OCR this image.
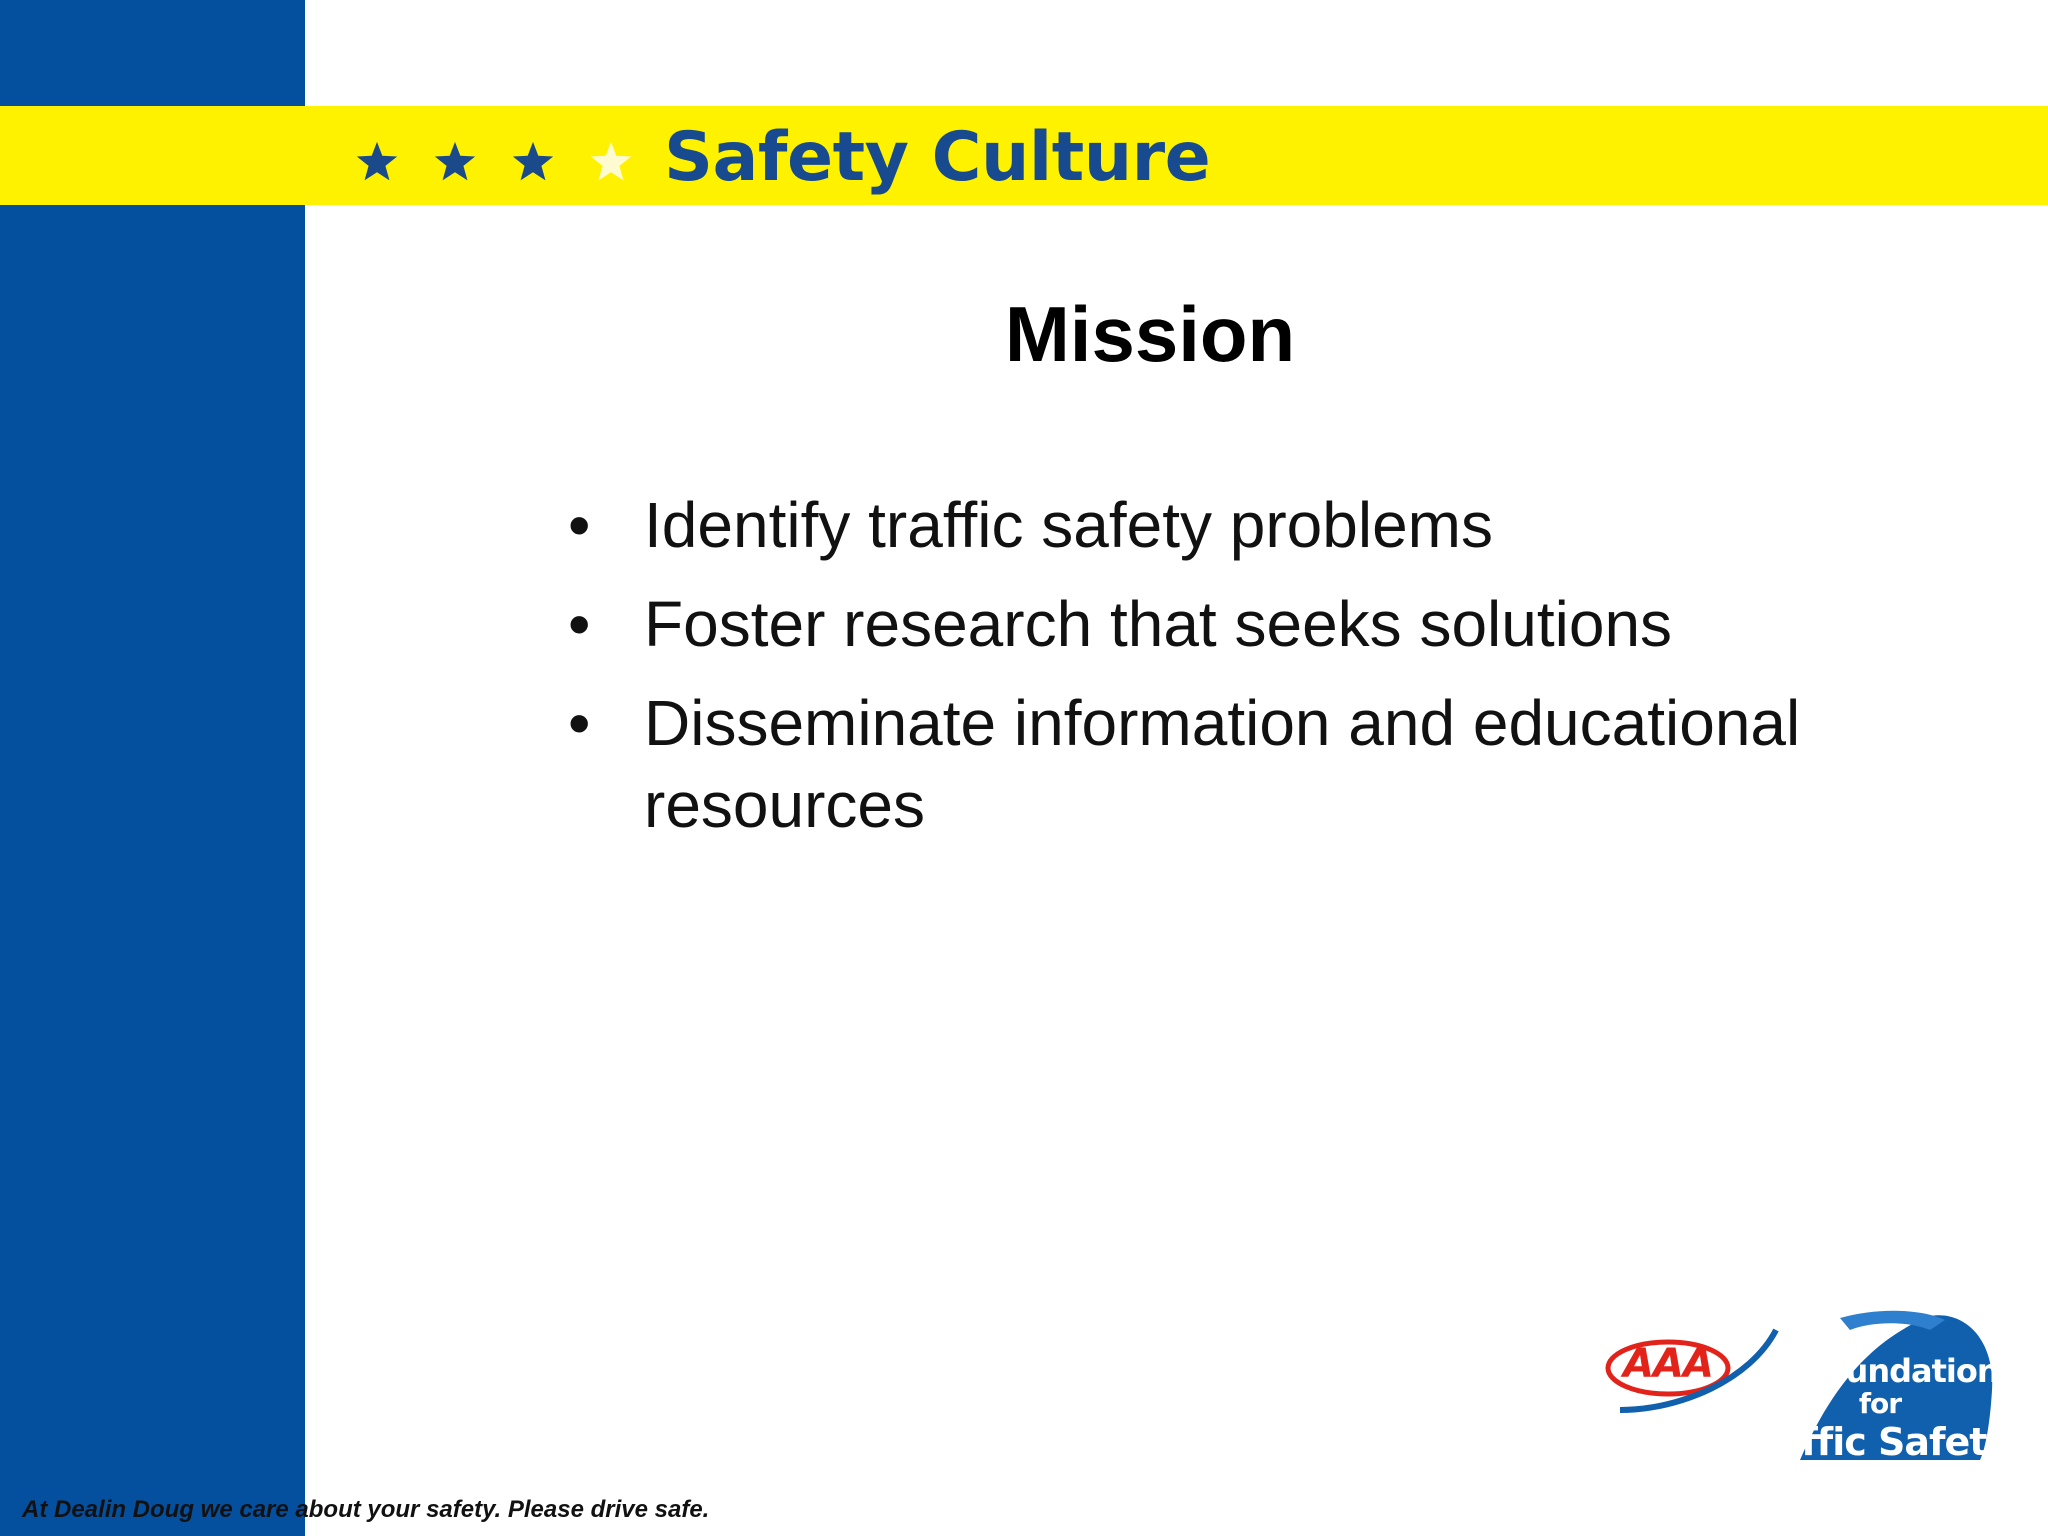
Safety Culture
Mission
• Identify traffic safety problems
• Foster research that seeks solutions
• Disseminate information and educational resources
AAA	Foundation
for
Traffic Safety
At Dealin Doug we care about your safety. Please drive safe.
